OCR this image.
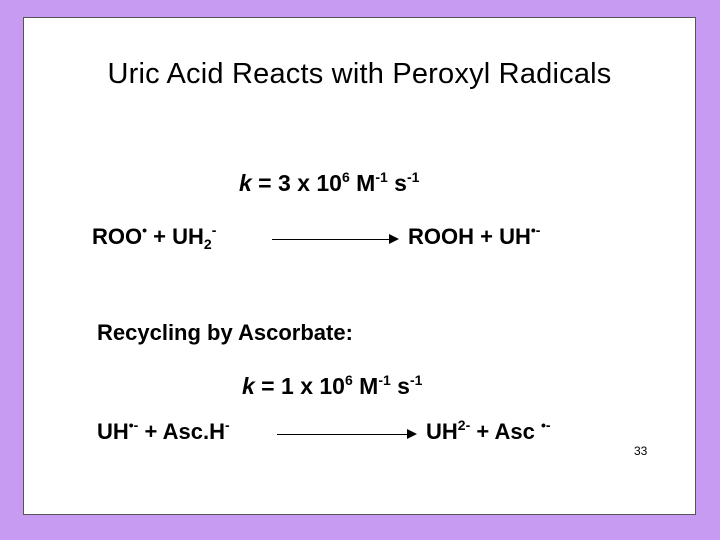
Uric Acid Reacts with Peroxyl Radicals
k = 3 x $10^6$ $M^{-1}$ $s^{-1}$
$ROO^• + UH_2^-$	ROOH + UH•-
Recycling by Ascorbate:
k = 1 x $10^6$ $M^{-1}$ $s^{-1}$
UH•- + Asc.H-	$UH^{2-}$ + Asc •-
33
